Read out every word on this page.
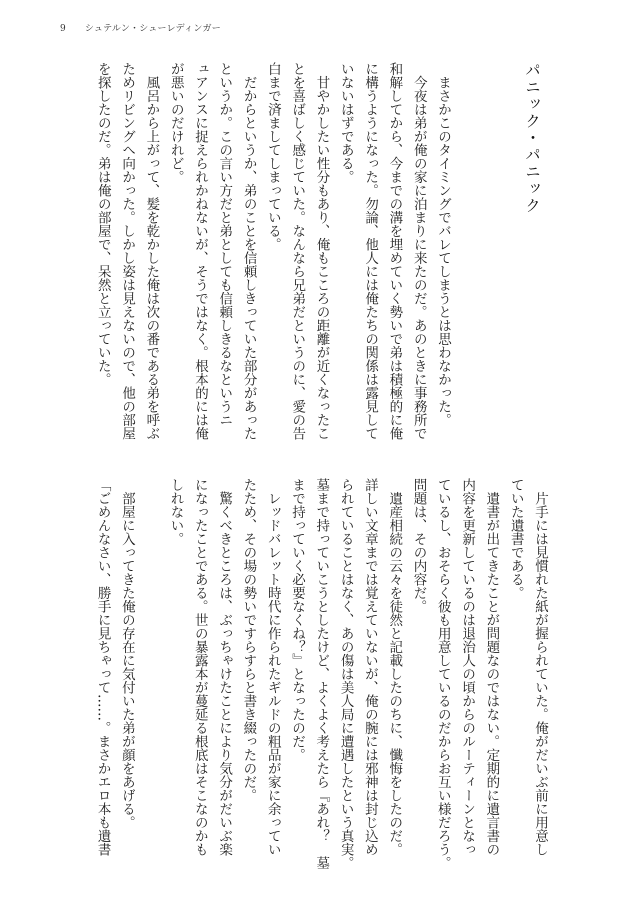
9 シュテルン・シューレディンガー
パニック・パニック
　まさかこのタイミングでバレてしまうとは思わなかった。
　今夜は弟が俺の家に泊まりに来たのだ。あのときに事務所で
和解してから、今までの溝を埋めていく勢いで弟は積極的に俺
に構うようになった。勿論、他人には俺たちの関係は露見して
いないはずである。
　甘やかしたい性分もあり、俺もこころの距離が近くなったこ
とを喜ばしく感じていた。なんなら兄弟だというのに、愛の告
白まで済ましてしまっている。
　だからというか、弟のことを信頼しきっていた部分があった
というか。この言い方だと弟としても信頼しきるなというニ
ュアンスに捉えられかねないが、そうではなく。根本的には俺
が悪いのだけれど。
　風呂から上がって、髪を乾かした俺は次の番である弟を呼ぶ
ためリビングへ向かった。しかし姿は見えないので、他の部屋
を探したのだ。弟は俺の部屋で、呆然と立っていた。
　片手には見慣れた紙が握られていた。俺がだいぶ前に用意し
ていた遺書である。
　遺書が出てきたことが問題なのではない。定期的に遺言書の
内容を更新しているのは退治人の頃からのルーティーンとなっ
ているし、おそらく彼も用意しているのだからお互い様だろう。
問題は、その内容だ。
　遺産相続の云々を徒然と記載したのちに、懺悔をしたのだ。
詳しい文章までは覚えていないが、俺の腕には邪神は封じ込め
られていることはなく、あの傷は美人局に遭遇したという真実。
墓まで持っていこうとしたけど、よくよく考えたら『あれ？　墓
まで持っていく必要なくね？』となったのだ。
　レッドバレット時代に作られたギルドの粗品が家に余ってい
たため、その場の勢いですらすらと書き綴ったのだ。
　驚くべきところは、ぶっちゃけたことにより気分がだいぶ楽
になったことである。世の暴露本が蔓延る根底はそこなのかも
しれない。
　部屋に入ってきた俺の存在に気付いた弟が顔をあげる。
「ごめんなさい、勝手に見ちゃって……。まさかエロ本も遺書
